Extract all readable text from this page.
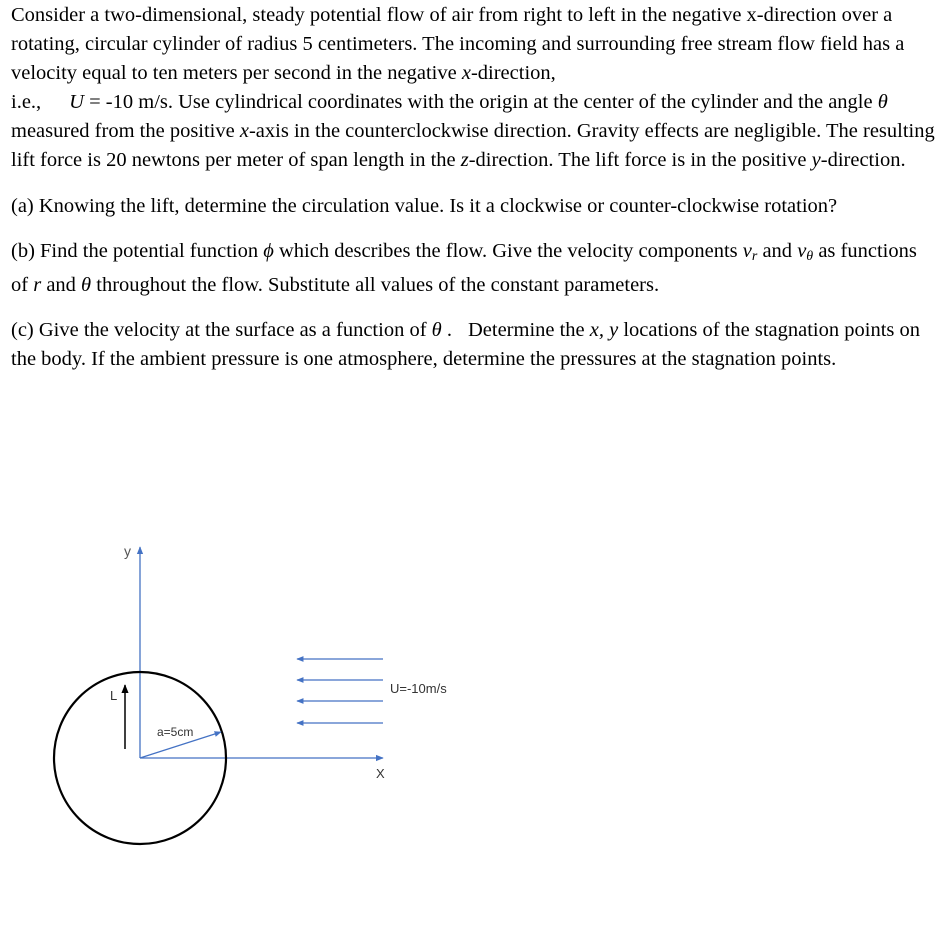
Consider a two-dimensional, steady potential flow of air from right to left in the negative x-direction over a rotating, circular cylinder of radius 5 centimeters. The incoming and surrounding free stream flow field has a velocity equal to ten meters per second in the negative x-direction,
i.e., U = -10 m/s. Use cylindrical coordinates with the origin at the center of the cylinder and the angle θ measured from the positive x-axis in the counterclockwise direction. Gravity effects are negligible. The resulting lift force is 20 newtons per meter of span length in the z-direction. The lift force is in the positive y-direction.

(a) Knowing the lift, determine the circulation value. Is it a clockwise or counter-clockwise rotation?

(b) Find the potential function ϕ which describes the flow. Give the velocity components $v_r$ and $v_\theta$ as functions of r and θ throughout the flow. Substitute all values of the constant parameters.

(c) Give the velocity at the surface as a function of θ . Determine the x, y locations of the stagnation points on the body. If the ambient pressure is one atmosphere, determine the pressures at the stagnation points.

y
X
a=5cm
L	U=-10m/s
